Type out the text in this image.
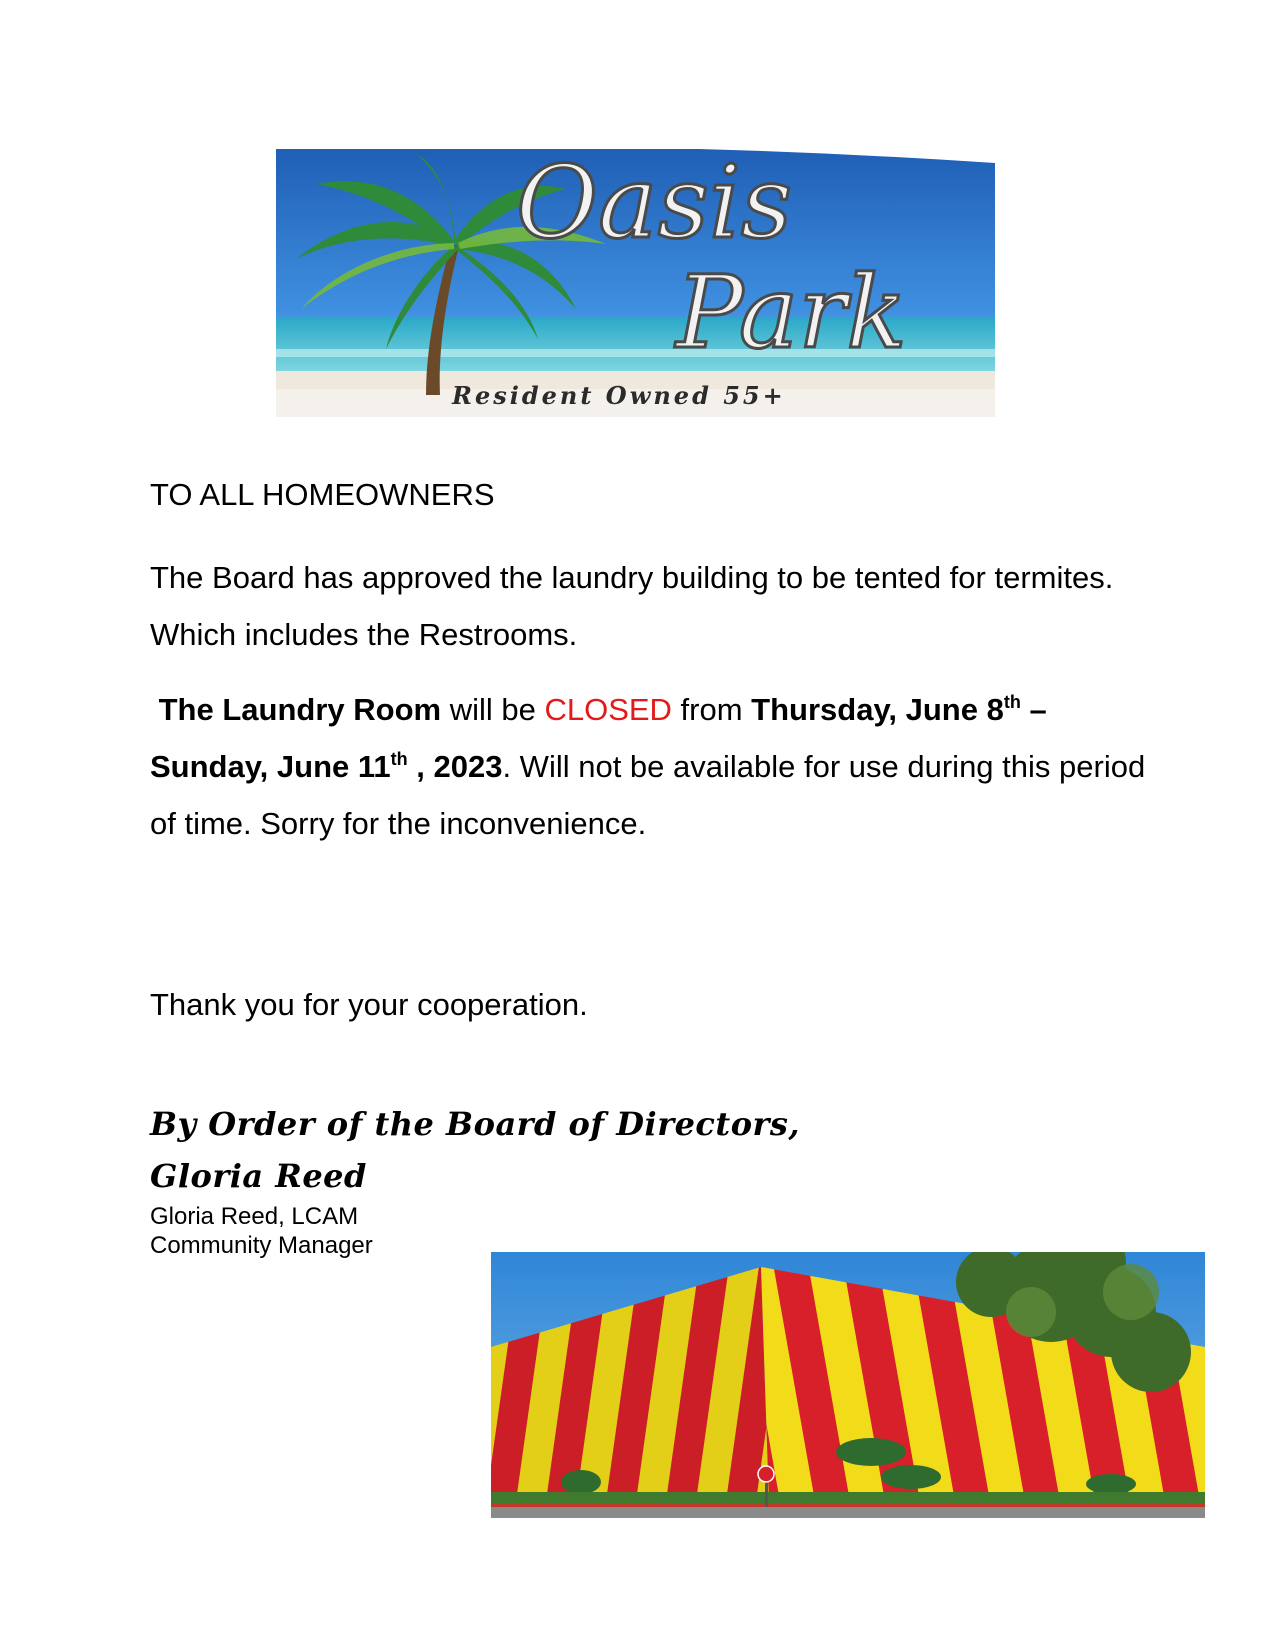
Oasis
Park
Resident Owned 55+

TO ALL HOMEOWNERS

The Board has approved the laundry building to be tented for termites. Which includes the Restrooms.

The Laundry Room will be CLOSED from Thursday, June 8th – Sunday, June 11th , 2023. Will not be available for use during this period of time. Sorry for the inconvenience.

Thank you for your cooperation.

By Order of the Board of Directors,

Gloria Reed

Gloria Reed, LCAM

Community Manager
